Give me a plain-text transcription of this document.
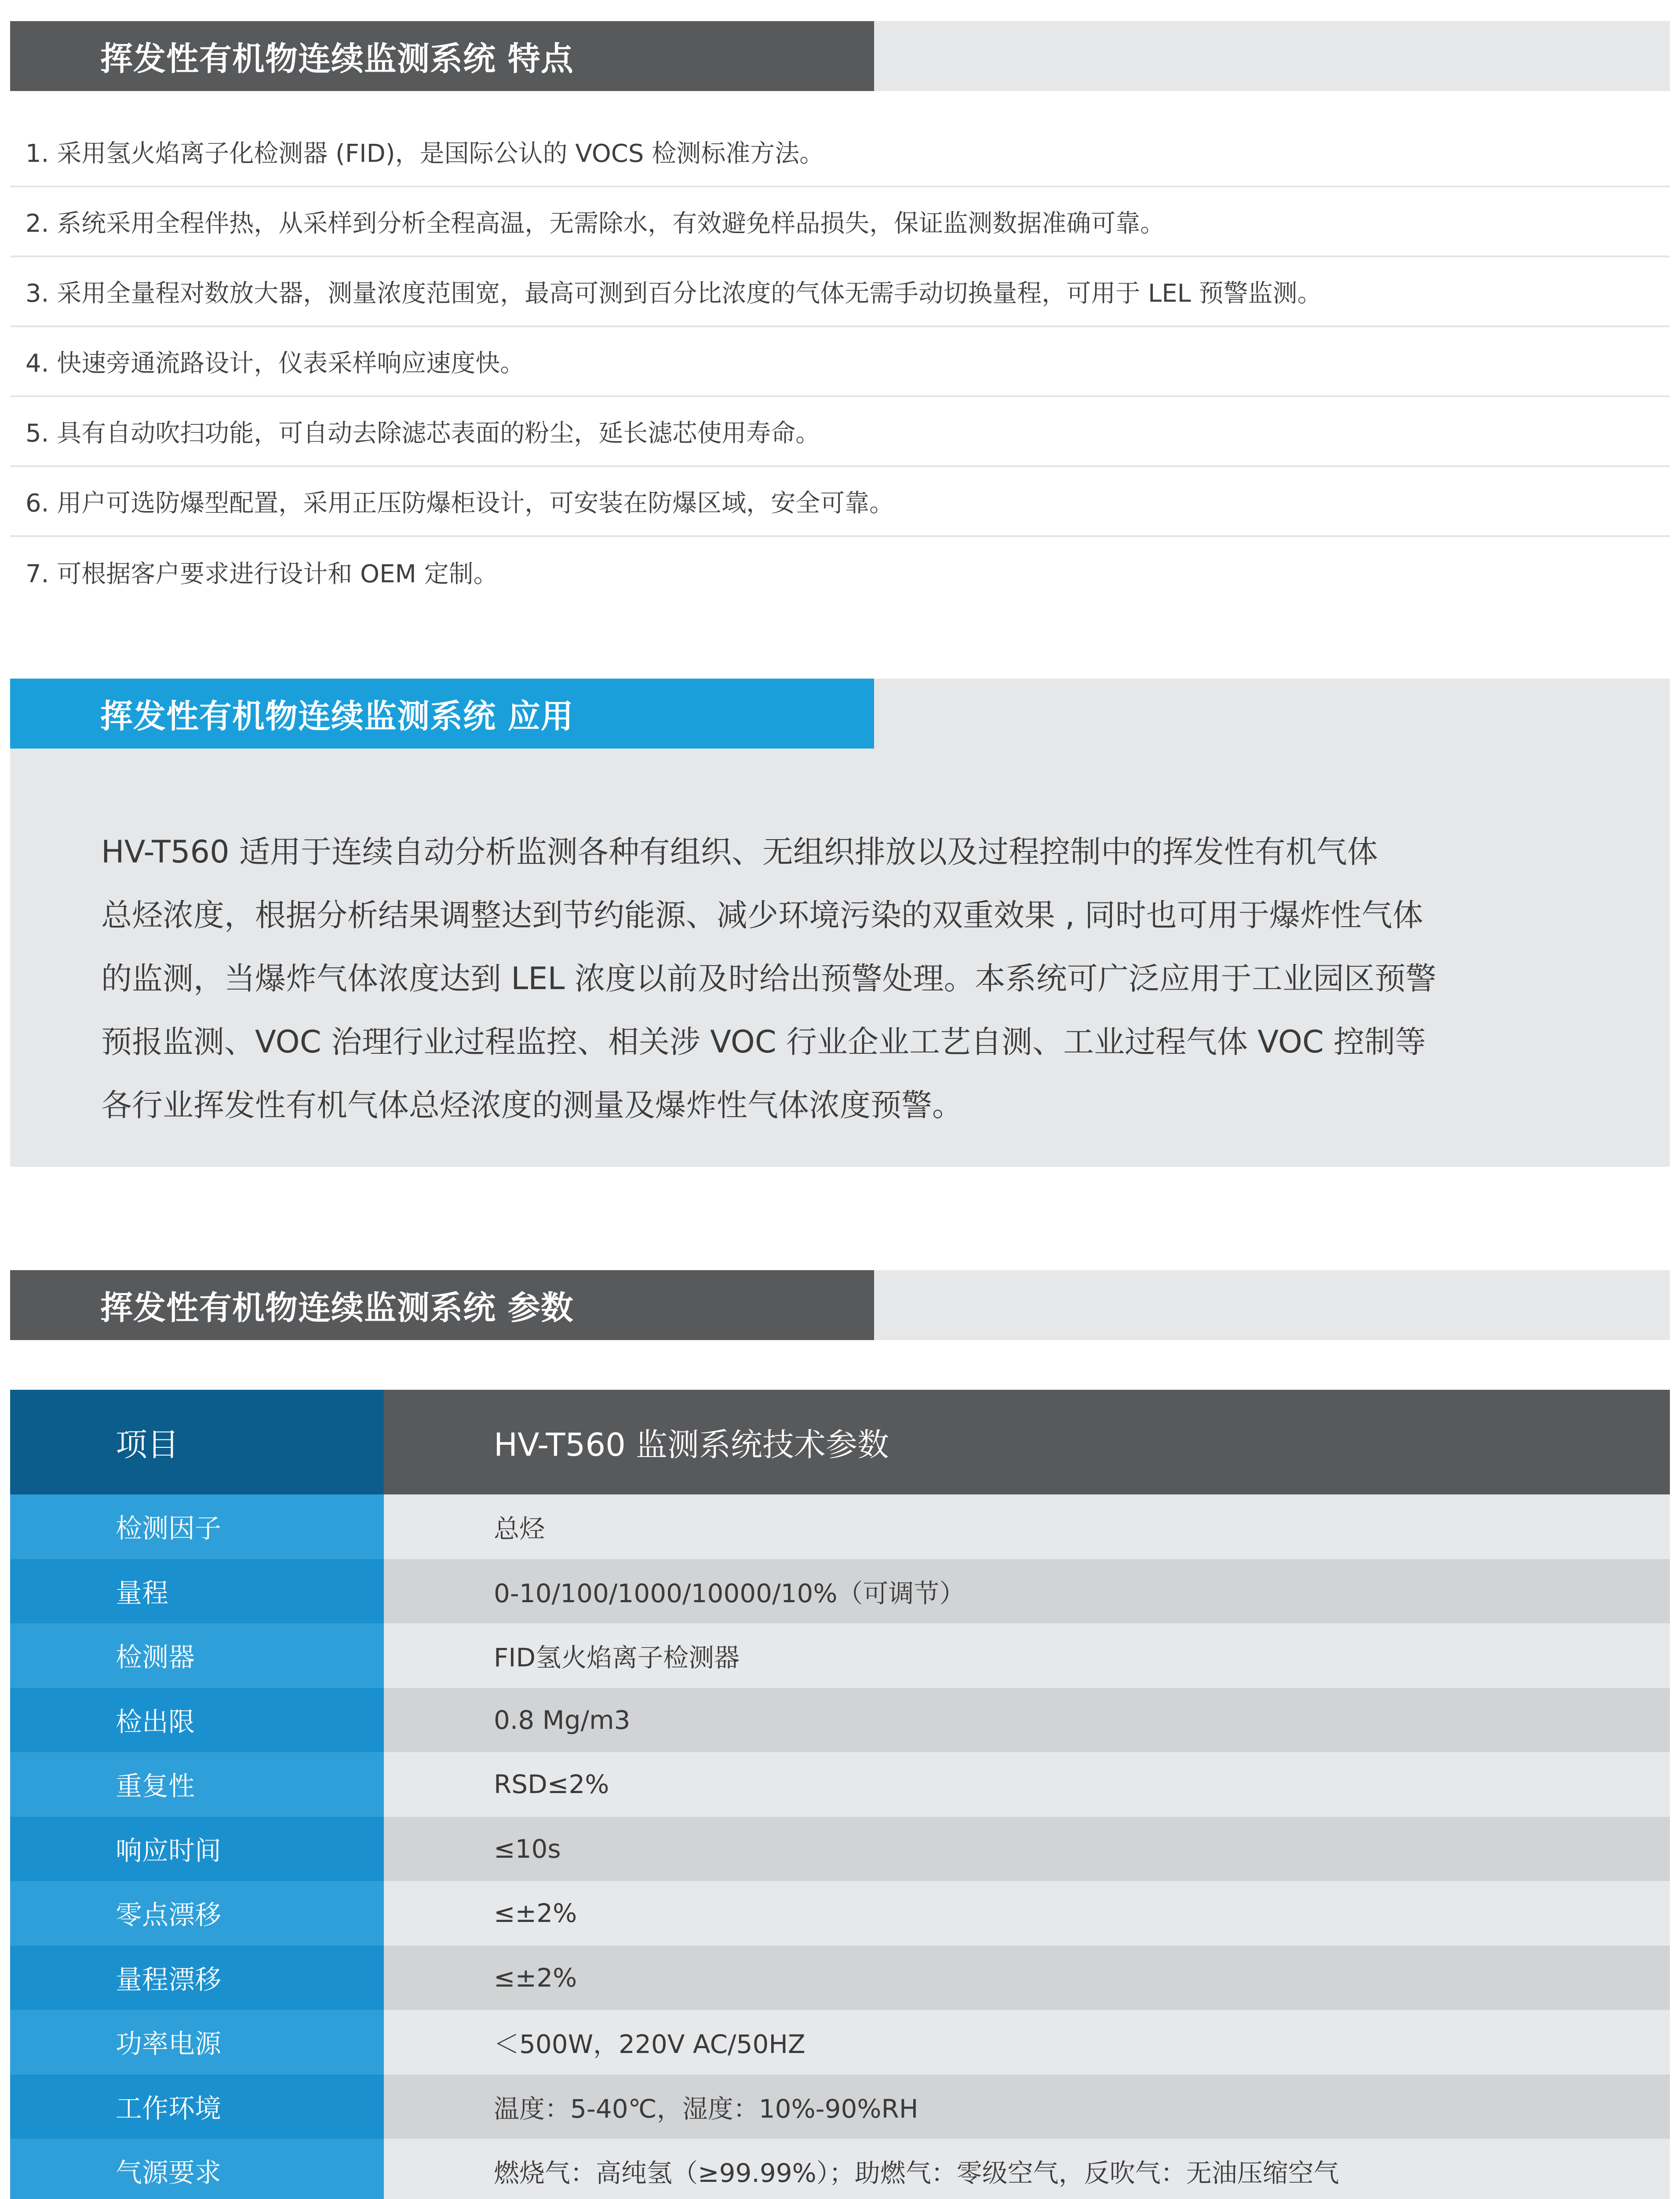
挥发性有机物连续监测系统 特点
1. 采用氢火焰离子化检测器 (FID)，是国际公认的 VOCS 检测标准方法。
2. 系统采用全程伴热，从采样到分析全程高温，无需除水，有效避免样品损失，保证监测数据准确可靠。
3. 采用全量程对数放大器，测量浓度范围宽，最高可测到百分比浓度的气体无需手动切换量程，可用于 LEL 预警监测。
4. 快速旁通流路设计，仪表采样响应速度快。
5. 具有自动吹扫功能，可自动去除滤芯表面的粉尘，延长滤芯使用寿命。
6. 用户可选防爆型配置，采用正压防爆柜设计，可安装在防爆区域，安全可靠。
7. 可根据客户要求进行设计和 OEM 定制。
挥发性有机物连续监测系统 应用
HV-T560 适用于连续自动分析监测各种有组织、无组织排放以及过程控制中的挥发性有机气体
总烃浓度，根据分析结果调整达到节约能源、减少环境污染的双重效果 , 同时也可用于爆炸性气体
的监测，当爆炸气体浓度达到 LEL 浓度以前及时给出预警处理。本系统可广泛应用于工业园区预警
预报监测、VOC 治理行业过程监控、相关涉 VOC 行业企业工艺自测、工业过程气体 VOC 控制等
各行业挥发性有机气体总烃浓度的测量及爆炸性气体浓度预警。
挥发性有机物连续监测系统 参数
项目	HV-T560 监测系统技术参数
检测因子	总烃
量程	0-10/100/1000/10000/10%（可调节）
检测器	FID氢火焰离子检测器
检出限	0.8 Mg/m3
重复性	RSD≤2%
响应时间	≤10s
零点漂移	≤±2%
量程漂移	≤±2%
功率电源	＜500W，220V AC/50HZ
工作环境	温度：5-40℃，湿度：10%-90%RH
气源要求	燃烧气：高纯氢（≥99.99%）；助燃气：零级空气，反吹气：无油压缩空气
